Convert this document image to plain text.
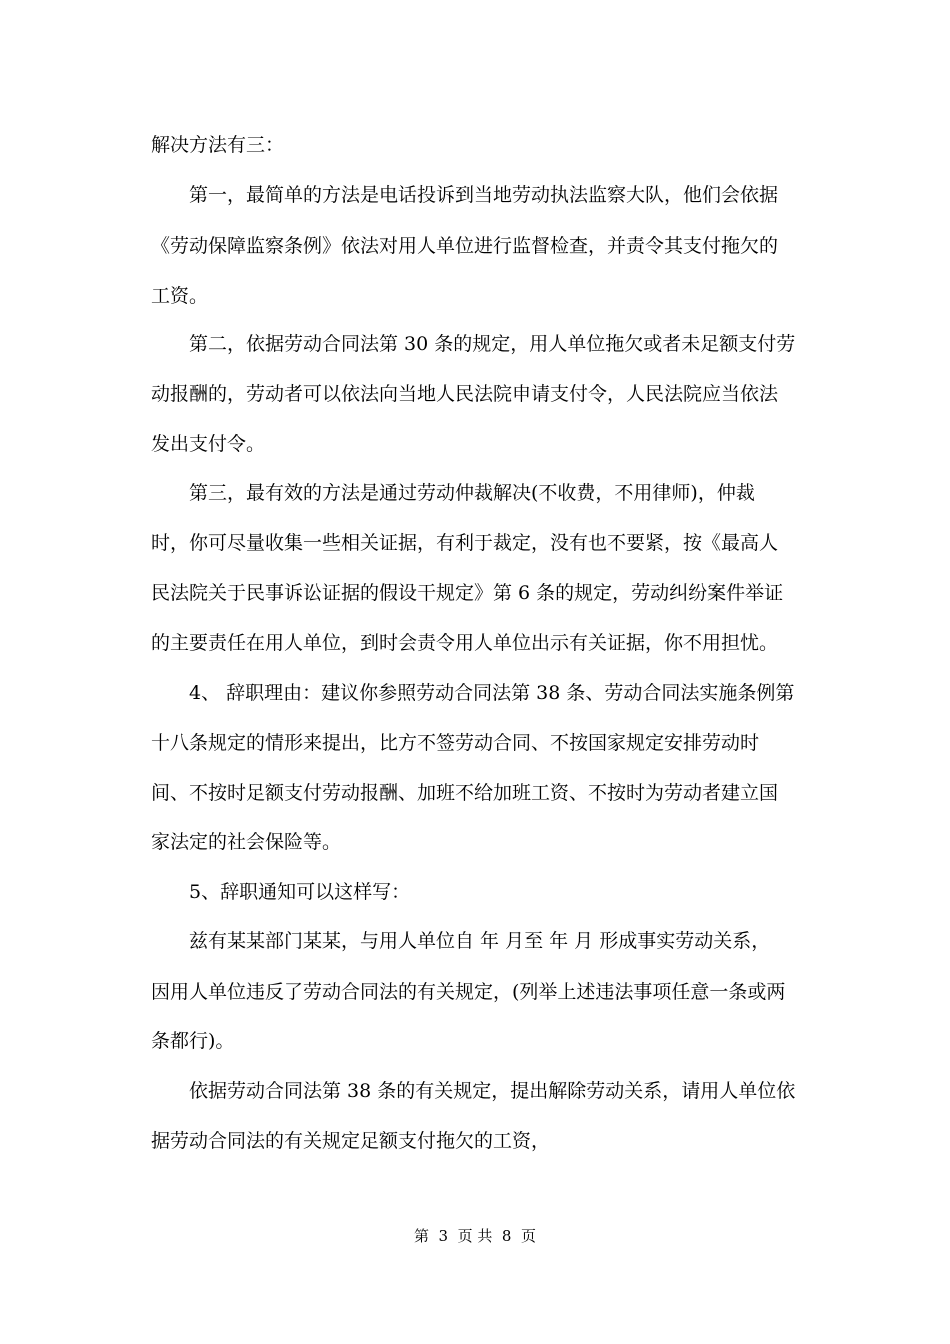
解决方法有三：

第一，最简单的方法是电话投诉到当地劳动执法监察大队，他们会依据

《劳动保障监察条例》依法对用人单位进行监督检查，并责令其支付拖欠的

工资。

第二，依据劳动合同法第 30 条的规定，用人单位拖欠或者未足额支付劳

动报酬的，劳动者可以依法向当地人民法院申请支付令，人民法院应当依法

发出支付令。

第三，最有效的方法是通过劳动仲裁解决(不收费，不用律师)，仲裁

时，你可尽量收集一些相关证据，有利于裁定，没有也不要紧，按《最高人

民法院关于民事诉讼证据的假设干规定》第 6 条的规定，劳动纠纷案件举证

的主要责任在用人单位，到时会责令用人单位出示有关证据，你不用担忧。

4、 辞职理由：建议你参照劳动合同法第 38 条、劳动合同法实施条例第

十八条规定的情形来提出，比方不签劳动合同、不按国家规定安排劳动时

间、不按时足额支付劳动报酬、加班不给加班工资、不按时为劳动者建立国

家法定的社会保险等。

5、辞职通知可以这样写：

兹有某某部门某某，与用人单位自 年 月至 年 月 形成事实劳动关系，

因用人单位违反了劳动合同法的有关规定，(列举上述违法事项任意一条或两

条都行)。

依据劳动合同法第 38 条的有关规定，提出解除劳动关系，请用人单位依

据劳动合同法的有关规定足额支付拖欠的工资，

第  3  页 共  8  页
